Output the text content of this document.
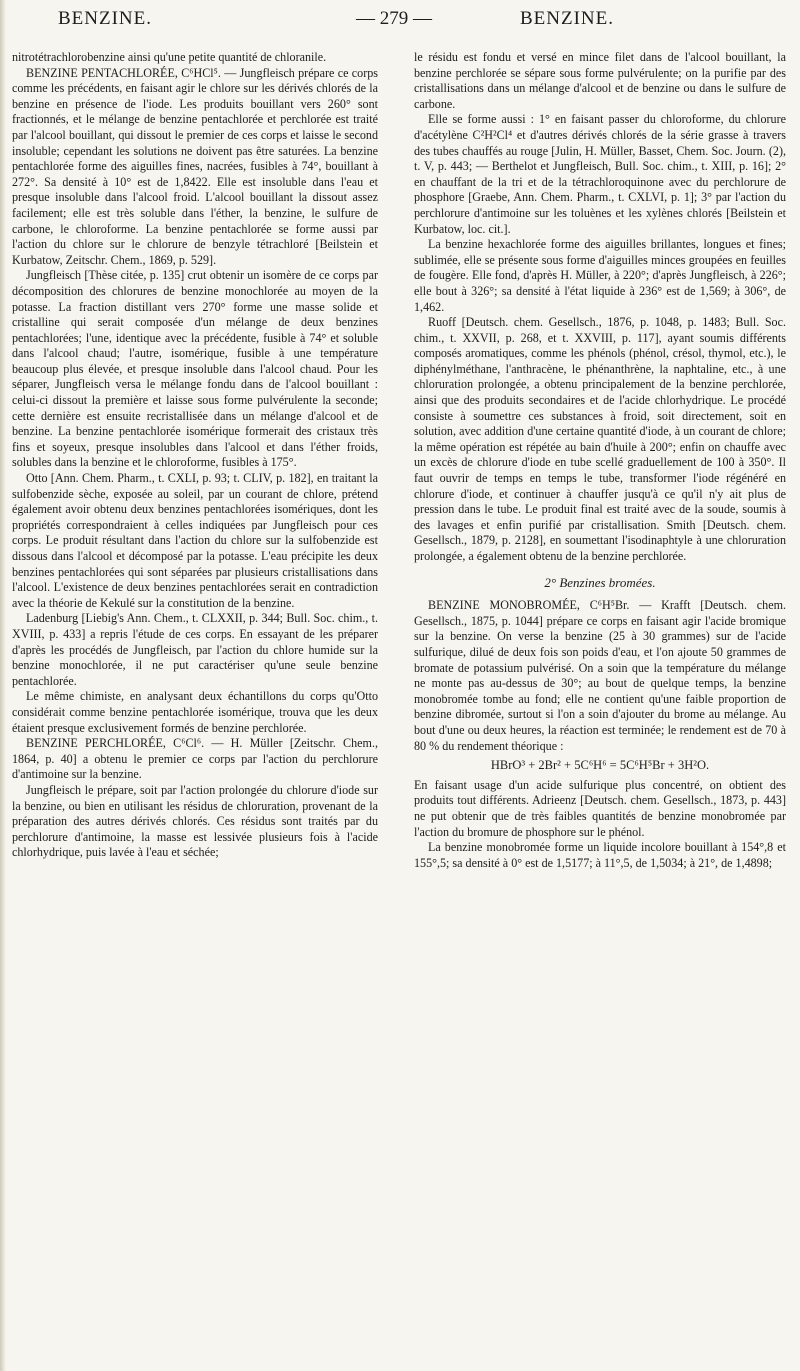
BENZINE.	— 279 —	BENZINE.

nitrotétrachlorobenzine ainsi qu'une petite quantité de chloranile.

BENZINE PENTACHLORÉE, C⁶HCl⁵. — Jungfleisch prépare ce corps comme les précédents, en faisant agir le chlore sur les dérivés chlorés de la benzine en présence de l'iode. Les produits bouillant vers 260° sont fractionnés, et le mélange de benzine pentachlorée et perchlorée est traité par l'alcool bouillant, qui dissout le premier de ces corps et laisse le second insoluble; cependant les solutions ne doivent pas être saturées. La benzine pentachlorée forme des aiguilles fines, nacrées, fusibles à 74°, bouillant à 272°. Sa densité à 10° est de 1,8422. Elle est insoluble dans l'eau et presque insoluble dans l'alcool froid. L'alcool bouillant la dissout assez facilement; elle est très soluble dans l'éther, la benzine, le sulfure de carbone, le chloroforme. La benzine pentachlorée se forme aussi par l'action du chlore sur le chlorure de benzyle tétrachloré [Beilstein et Kurbatow, Zeitschr. Chem., 1869, p. 529].

Jungfleisch [Thèse citée, p. 135] crut obtenir un isomère de ce corps par décomposition des chlorures de benzine monochlorée au moyen de la potasse. La fraction distillant vers 270° forme une masse solide et cristalline qui serait composée d'un mélange de deux benzines pentachlorées; l'une, identique avec la précédente, fusible à 74° et soluble dans l'alcool chaud; l'autre, isomérique, fusible à une température beaucoup plus élevée, et presque insoluble dans l'alcool chaud. Pour les séparer, Jungfleisch versa le mélange fondu dans de l'alcool bouillant : celui-ci dissout la première et laisse sous forme pulvérulente la seconde; cette dernière est ensuite recristallisée dans un mélange d'alcool et de benzine. La benzine pentachlorée isomérique formerait des cristaux très fins et soyeux, presque insolubles dans l'alcool et dans l'éther froids, solubles dans la benzine et le chloroforme, fusibles à 175°.

Otto [Ann. Chem. Pharm., t. CXLI, p. 93; t. CLIV, p. 182], en traitant la sulfobenzide sèche, exposée au soleil, par un courant de chlore, prétend également avoir obtenu deux benzines pentachlorées isomériques, dont les propriétés correspondraient à celles indiquées par Jungfleisch pour ces corps. Le produit résultant dans l'action du chlore sur la sulfobenzide est dissous dans l'alcool et décomposé par la potasse. L'eau précipite les deux benzines pentachlorées qui sont séparées par plusieurs cristallisations dans l'alcool. L'existence de deux benzines pentachlorées serait en contradiction avec la théorie de Kekulé sur la constitution de la benzine.

Ladenburg [Liebig's Ann. Chem., t. CLXXII, p. 344; Bull. Soc. chim., t. XVIII, p. 433] a repris l'étude de ces corps. En essayant de les préparer d'après les procédés de Jungfleisch, par l'action du chlore humide sur la benzine monochlorée, il ne put caractériser qu'une seule benzine pentachlorée.

Le même chimiste, en analysant deux échantillons du corps qu'Otto considérait comme benzine pentachlorée isomérique, trouva que les deux étaient presque exclusivement formés de benzine perchlorée.

BENZINE PERCHLORÉE, C⁶Cl⁶. — H. Müller [Zeitschr. Chem., 1864, p. 40] a obtenu le premier ce corps par l'action du perchlorure d'antimoine sur la benzine.

Jungfleisch le prépare, soit par l'action prolongée du chlorure d'iode sur la benzine, ou bien en utilisant les résidus de chloruration, provenant de la préparation des autres dérivés chlorés. Ces résidus sont traités par du perchlorure d'antimoine, la masse est lessivée plusieurs fois à l'acide chlorhydrique, puis lavée à l'eau et séchée;

le résidu est fondu et versé en mince filet dans de l'alcool bouillant, la benzine perchlorée se sépare sous forme pulvérulente; on la purifie par des cristallisations dans un mélange d'alcool et de benzine ou dans le sulfure de carbone.

Elle se forme aussi : 1° en faisant passer du chloroforme, du chlorure d'acétylène C²H²Cl⁴ et d'autres dérivés chlorés de la série grasse à travers des tubes chauffés au rouge [Julin, H. Müller, Basset, Chem. Soc. Journ. (2), t. V, p. 443; — Berthelot et Jungfleisch, Bull. Soc. chim., t. XIII, p. 16]; 2° en chauffant de la tri et de la tétrachloroquinone avec du perchlorure de phosphore [Graebe, Ann. Chem. Pharm., t. CXLVI, p. 1]; 3° par l'action du perchlorure d'antimoine sur les toluènes et les xylènes chlorés [Beilstein et Kurbatow, loc. cit.].

La benzine hexachlorée forme des aiguilles brillantes, longues et fines; sublimée, elle se présente sous forme d'aiguilles minces groupées en feuilles de fougère. Elle fond, d'après H. Müller, à 220°; d'après Jungfleisch, à 226°; elle bout à 326°; sa densité à l'état liquide à 236° est de 1,569; à 306°, de 1,462.

Ruoff [Deutsch. chem. Gesellsch., 1876, p. 1048, p. 1483; Bull. Soc. chim., t. XXVII, p. 268, et t. XXVIII, p. 117], ayant soumis différents composés aromatiques, comme les phénols (phénol, crésol, thymol, etc.), le diphénylméthane, l'anthracène, le phénanthrène, la naphtaline, etc., à une chloruration prolongée, a obtenu principalement de la benzine perchlorée, ainsi que des produits secondaires et de l'acide chlorhydrique. Le procédé consiste à soumettre ces substances à froid, soit directement, soit en solution, avec addition d'une certaine quantité d'iode, à un courant de chlore; la même opération est répétée au bain d'huile à 200°; enfin on chauffe avec un excès de chlorure d'iode en tube scellé graduellement de 100 à 350°. Il faut ouvrir de temps en temps le tube, transformer l'iode régénéré en chlorure d'iode, et continuer à chauffer jusqu'à ce qu'il n'y ait plus de pression dans le tube. Le produit final est traité avec de la soude, soumis à des lavages et enfin purifié par cristallisation. Smith [Deutsch. chem. Gesellsch., 1879, p. 2128], en soumettant l'isodinaphtyle à une chloruration prolongée, a également obtenu de la benzine perchlorée.

2° Benzines bromées.

BENZINE MONOBROMÉE, C⁶H⁵Br. — Krafft [Deutsch. chem. Gesellsch., 1875, p. 1044] prépare ce corps en faisant agir l'acide bromique sur la benzine. On verse la benzine (25 à 30 grammes) sur de l'acide sulfurique, dilué de deux fois son poids d'eau, et l'on ajoute 50 grammes de bromate de potassium pulvérisé. On a soin que la température du mélange ne monte pas au-dessus de 30°; au bout de quelque temps, la benzine monobromée tombe au fond; elle ne contient qu'une faible proportion de benzine dibromée, surtout si l'on a soin d'ajouter du brome au mélange. Au bout d'une ou deux heures, la réaction est terminée; le rendement est de 70 à 80 % du rendement théorique :

HBrO³ + 2Br² + 5C⁶H⁶ = 5C⁶H⁵Br + 3H²O.

En faisant usage d'un acide sulfurique plus concentré, on obtient des produits tout différents. Adrieenz [Deutsch. chem. Gesellsch., 1873, p. 443] ne put obtenir que de très faibles quantités de benzine monobromée par l'action du bromure de phosphore sur le phénol.

La benzine monobromée forme un liquide incolore bouillant à 154°,8 et 155°,5; sa densité à 0° est de 1,5177; à 11°,5, de 1,5034; à 21°, de 1,4898;
